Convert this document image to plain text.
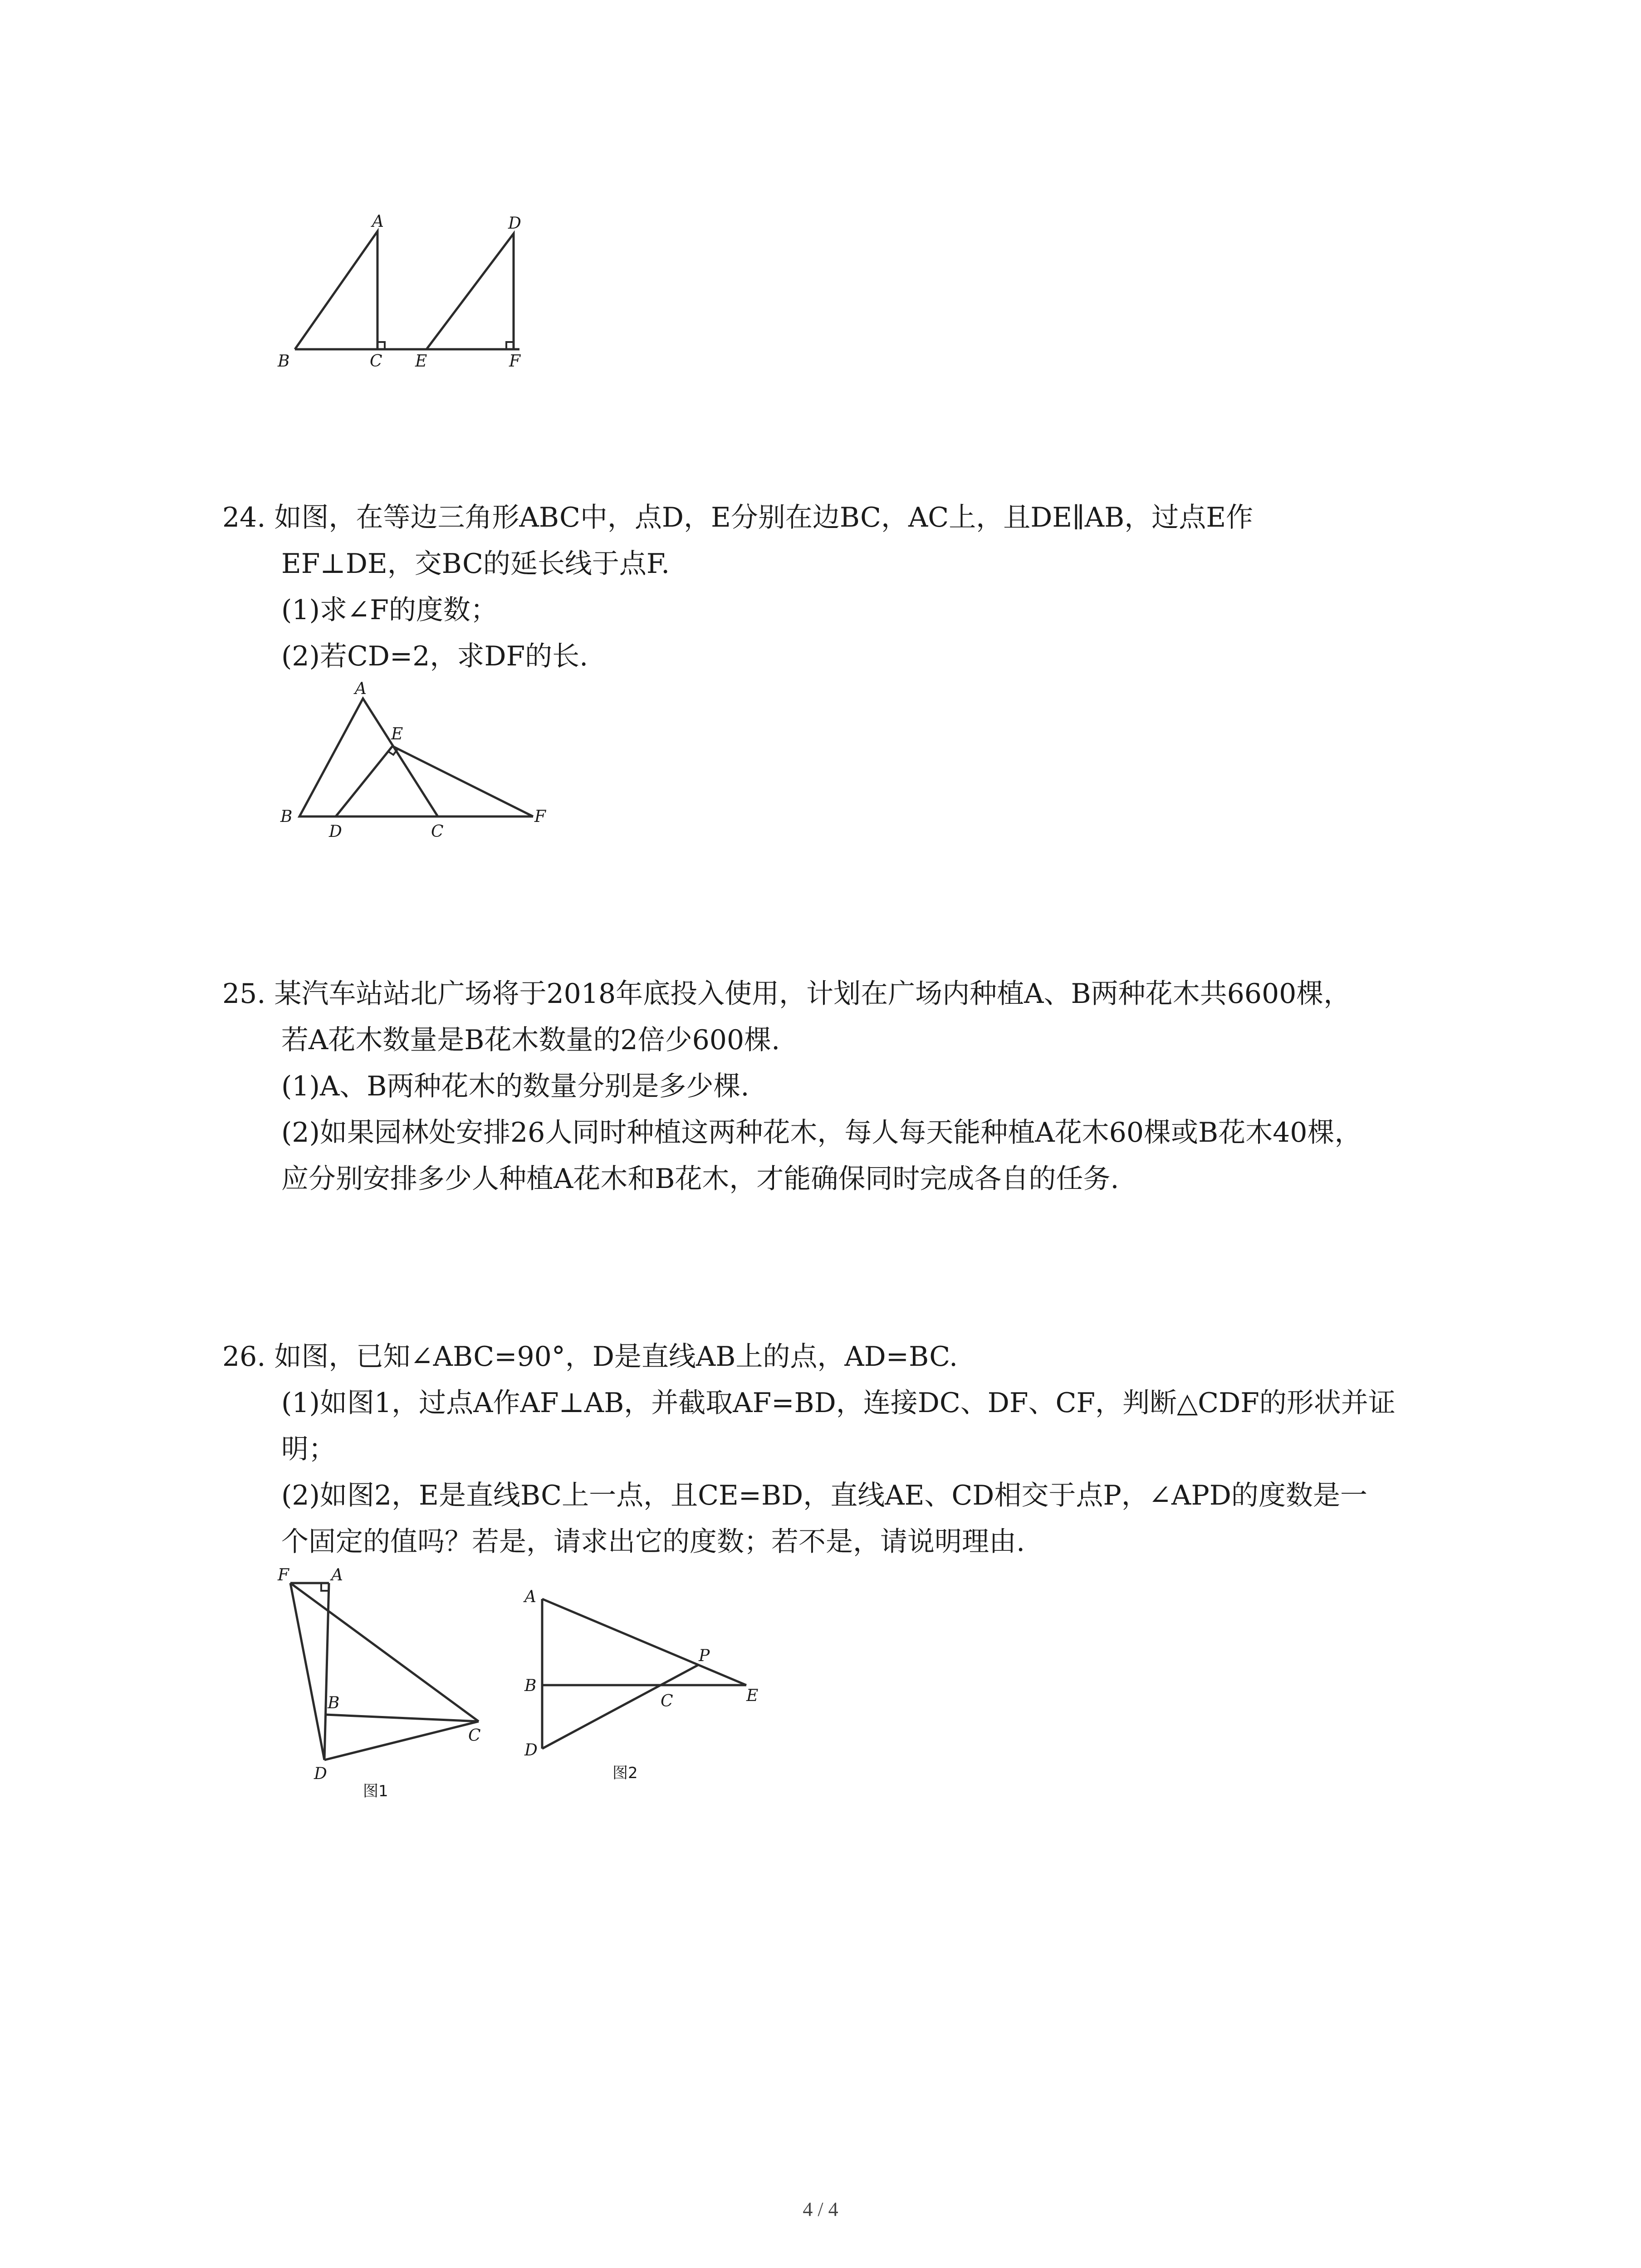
A
B	C
D
E	F
24. 如图，在等边三角形ABC中，点D，E分别在边BC，AC上，且DE∥AB，过点E作
EF⊥DE，交BC的延长线于点F.
(1)求∠F的度数；
(2)若CD=2，求DF的长.
A
B
C
D
E
F
25. 某汽车站站北广场将于2018年底投入使用，计划在广场内种植A、B两种花木共6600棵，
若A花木数量是B花木数量的2倍少600棵.
(1)A、B两种花木的数量分别是多少棵.
(2)如果园林处安排26人同时种植这两种花木，每人每天能种植A花木60棵或B花木40棵，
应分别安排多少人种植A花木和B花木，才能确保同时完成各自的任务.
26. 如图，已知∠ABC=90°，D是直线AB上的点，AD=BC.
(1)如图1，过点A作AF⊥AB，并截取AF=BD，连接DC、DF、CF，判断△CDF的形状并证
明；
(2)如图2，E是直线BC上一点，且CE=BD，直线AE、CD相交于点P，∠APD的度数是一
个固定的值吗？若是，请求出它的度数；若不是，请说明理由.
F	A
B
C
D
图1
A
B
C
D
E
P
图2
4 / 4
